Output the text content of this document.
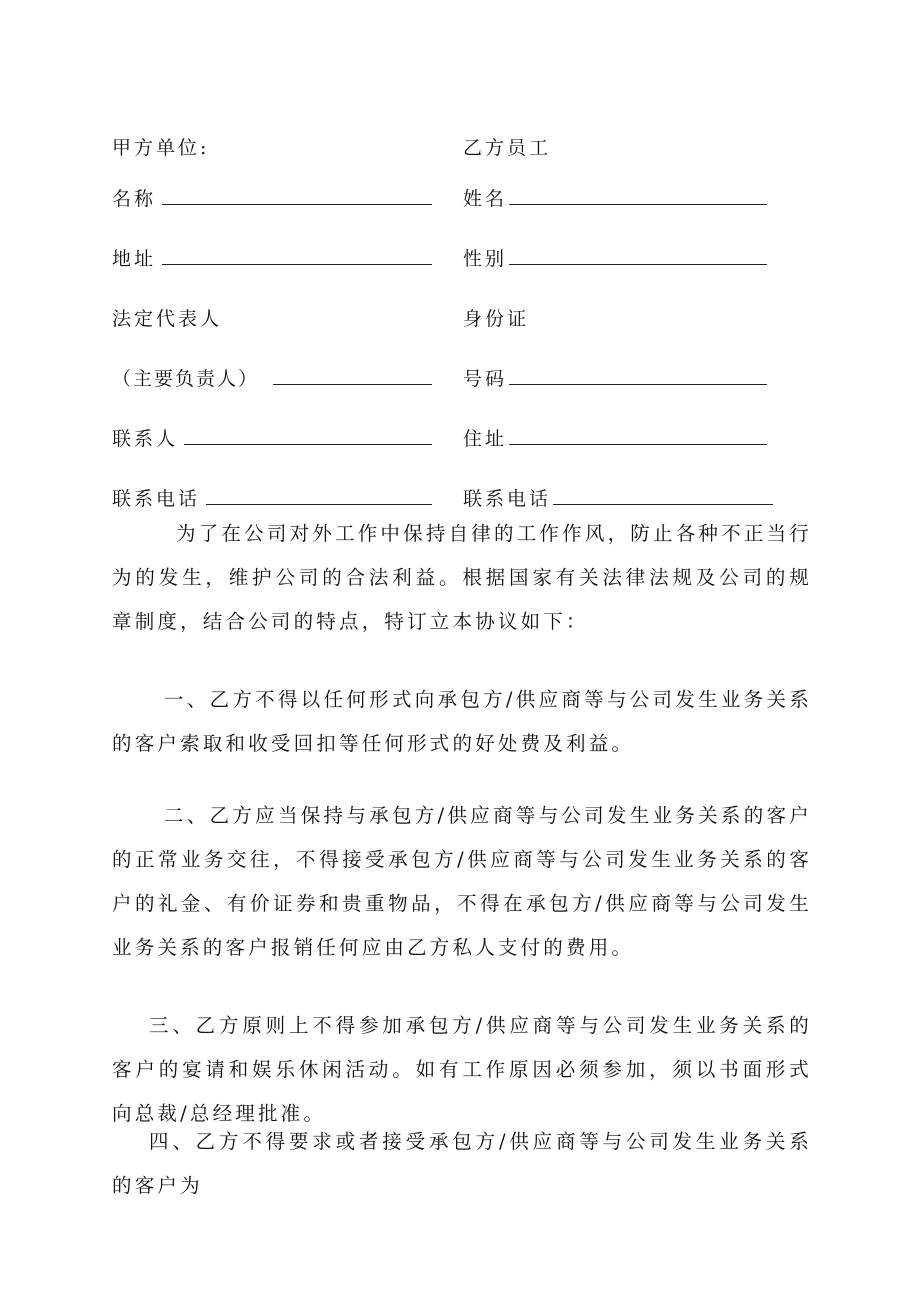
甲方单位:	乙方员工
名称	姓名
地址	性别
法定代表人	身份证
（主要负责人）	号码
联系人	住址
联系电话	联系电话

为了在公司对外工作中保持自律的工作作风，防止各种不正当行为的发生，维护公司的合法利益。根据国家有关法律法规及公司的规章制度，结合公司的特点，特订立本协议如下：

一、乙方不得以任何形式向承包方/供应商等与公司发生业务关系的客户索取和收受回扣等任何形式的好处费及利益。

二、乙方应当保持与承包方/供应商等与公司发生业务关系的客户的正常业务交往，不得接受承包方/供应商等与公司发生业务关系的客户的礼金、有价证券和贵重物品，不得在承包方/供应商等与公司发生业务关系的客户报销任何应由乙方私人支付的费用。

三、乙方原则上不得参加承包方/供应商等与公司发生业务关系的客户的宴请和娱乐休闲活动。如有工作原因必须参加，须以书面形式向总裁/总经理批准。

四、乙方不得要求或者接受承包方/供应商等与公司发生业务关系的客户为
